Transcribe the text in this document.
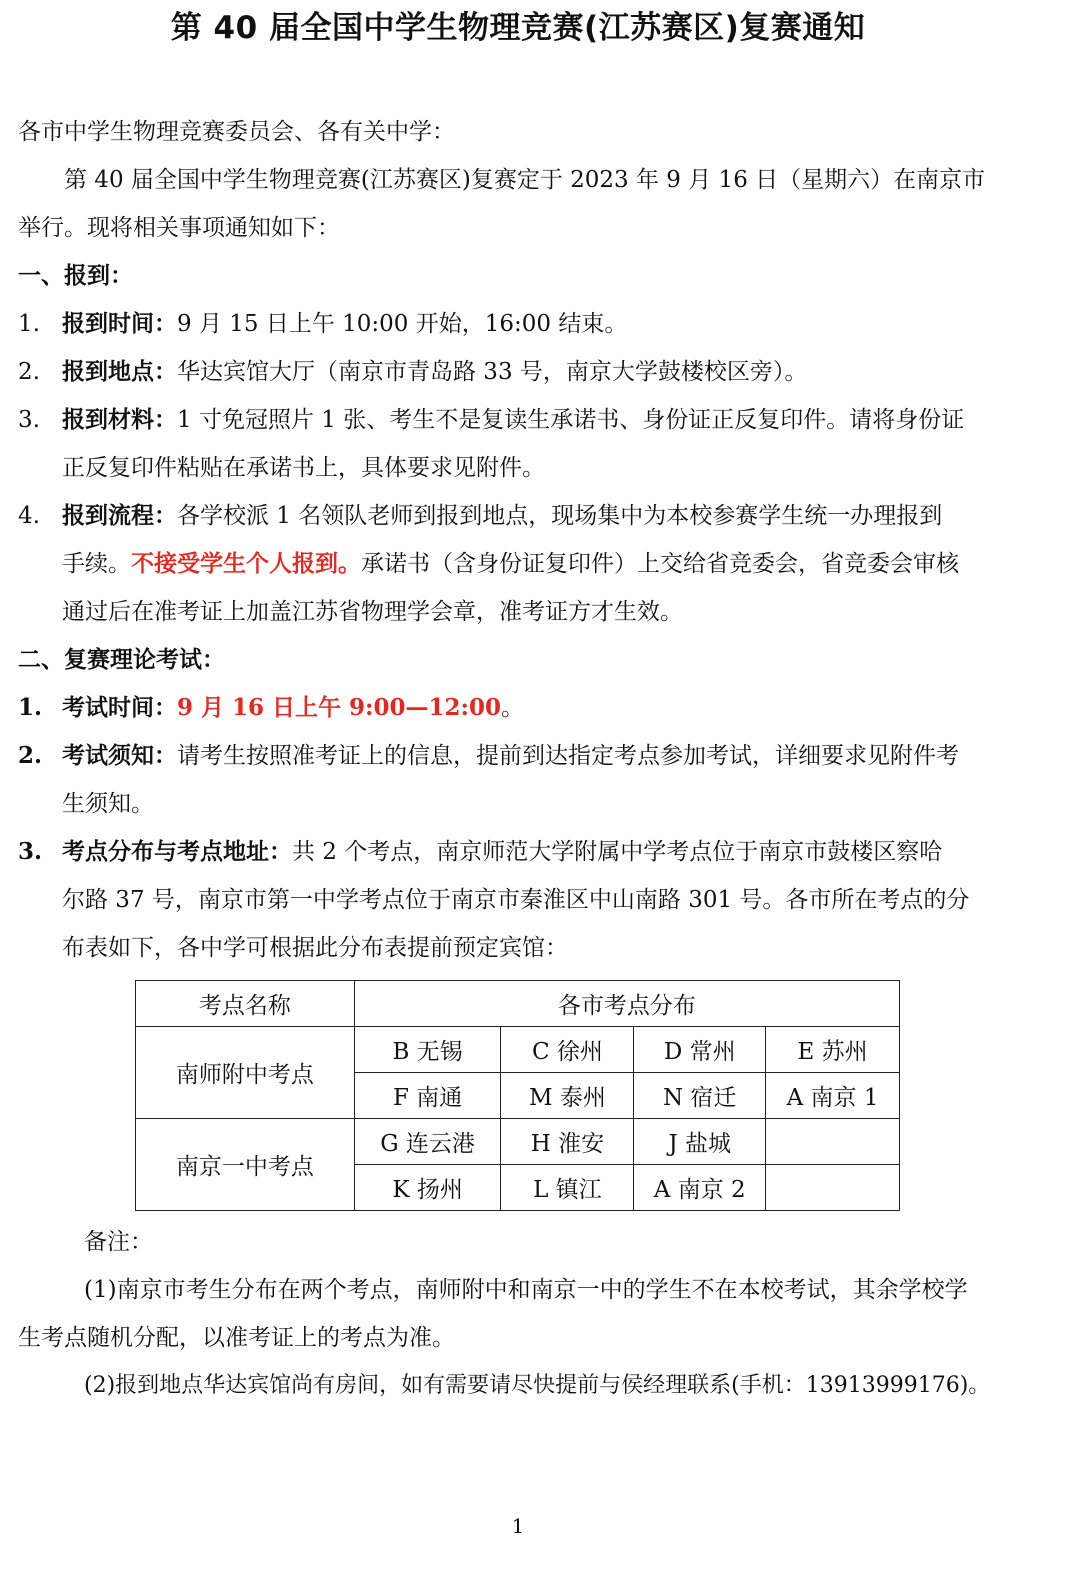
第 40 届全国中学生物理竞赛(江苏赛区)复赛通知
各市中学生物理竞赛委员会、各有关中学：
第 40 届全国中学生物理竞赛(江苏赛区)复赛定于 2023 年 9 月 16 日（星期六）在南京市
举行。现将相关事项通知如下：
一、报到：
1. 报到时间：9 月 15 日上午 10:00 开始，16:00 结束。
2. 报到地点：华达宾馆大厅（南京市青岛路 33 号，南京大学鼓楼校区旁）。
3. 报到材料：1 寸免冠照片 1 张、考生不是复读生承诺书、身份证正反复印件。请将身份证
正反复印件粘贴在承诺书上，具体要求见附件。
4. 报到流程：各学校派 1 名领队老师到报到地点，现场集中为本校参赛学生统一办理报到
手续。不接受学生个人报到。承诺书（含身份证复印件）上交给省竞委会，省竞委会审核
通过后在准考证上加盖江苏省物理学会章，准考证方才生效。
二、复赛理论考试：
1. 考试时间：9 月 16 日上午 9:00—12:00。
2. 考试须知：请考生按照准考证上的信息，提前到达指定考点参加考试，详细要求见附件考
生须知。
3. 考点分布与考点地址：共 2 个考点，南京师范大学附属中学考点位于南京市鼓楼区察哈
尔路 37 号，南京市第一中学考点位于南京市秦淮区中山南路 301 号。各市所在考点的分
布表如下，各中学可根据此分布表提前预定宾馆：
考点名称	各市考点分布			
南师附中考点	B 无锡	C 徐州	D 常州	E 苏州
	F 南通	M 泰州	N 宿迁	A 南京 1
南京一中考点	G 连云港	H 淮安	J 盐城	
	K 扬州	L 镇江	A 南京 2	
备注：
(1)南京市考生分布在两个考点，南师附中和南京一中的学生不在本校考试，其余学校学
生考点随机分配，以准考证上的考点为准。
(2)报到地点华达宾馆尚有房间，如有需要请尽快提前与侯经理联系(手机：13913999176)。
1
